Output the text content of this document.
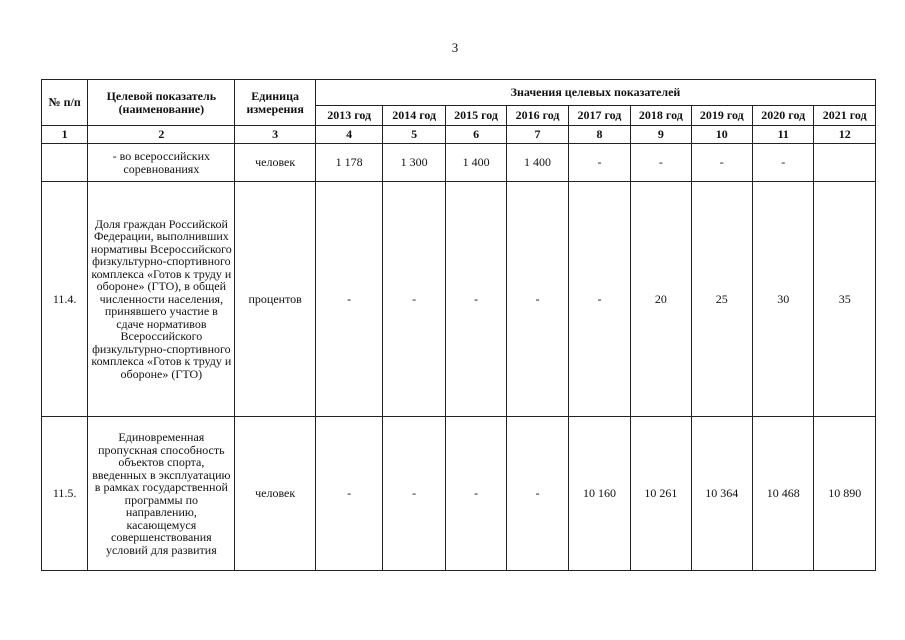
3
№ п/п	Целевой показатель (наименование)	Единица измерения	Значения целевых показателей								
			2013 год	2014 год	2015 год	2016 год	2017 год	2018 год	2019 год	2020 год	2021 год
1	2	3	4	5	6	7	8	9	10	11	12
	- во всероссийских соревнованиях	человек	1 178	1 300	1 400	1 400	-	-	-	-	
11.4.	Доля граждан Российской Федерации, выполнивших нормативы Всероссийского физкультурно-спортивного комплекса «Готов к труду и обороне» (ГТО), в общей численности населения, принявшего участие в сдаче нормативов Всероссийского физкультурно-спортивного комплекса «Готов к труду и обороне» (ГТО)	процентов	-	-	-	-	-	20	25	30	35
11.5.	Единовременная пропускная способность объектов спорта, введенных в эксплуатацию в рамках государственной программы по направлению, касающемуся совершенствования условий для развития	человек	-	-	-	-	10 160	10 261	10 364	10 468	10 890
